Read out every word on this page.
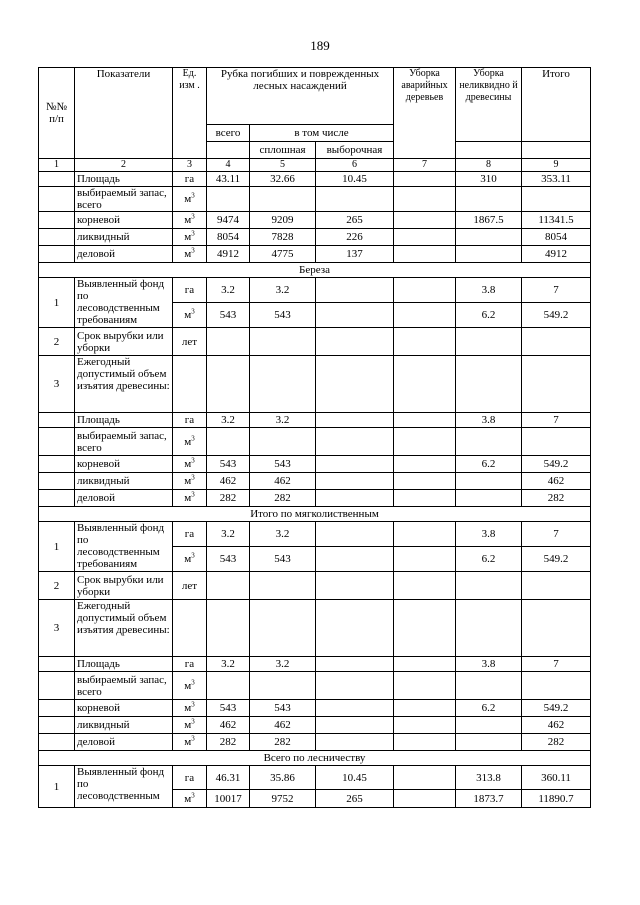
189
№№ п/п	Показатели	Ед. изм .	Рубка погибших и поврежденных лесных насаждений			Уборка аварийных деревьев	Уборка неликвидно й древесины	Итого
			всего	в том числе				
				сплошная	выборочная			
1	2	3	4	5	6	7	8	9
	Площадь	га	43.11	32.66	10.45		310	353.11
	выбираемый запас, всего	$м^3$						
	корневой	$м^3$	9474	9209	265		1867.5	11341.5
	ликвидный	$м^3$	8054	7828	226			8054
	деловой	$м^3$	4912	4775	137			4912
Береза								
1	Выявленный фонд по лесоводственным требованиям	га	3.2	3.2			3.8	7
		$м^3$	543	543			6.2	549.2
2	Срок вырубки или уборки	лет						
3	Ежегодный допустимый объем изъятия древесины:							
	Площадь	га	3.2	3.2			3.8	7
	выбираемый запас, всего	$м^3$						
	корневой	$м^3$	543	543			6.2	549.2
	ликвидный	$м^3$	462	462				462
	деловой	$м^3$	282	282				282
Итого по мягколиственным								
1	Выявленный фонд по лесоводственным требованиям	га	3.2	3.2			3.8	7
		$м^3$	543	543			6.2	549.2
2	Срок вырубки или уборки	лет						
3	Ежегодный допустимый объем изъятия древесины:							
	Площадь	га	3.2	3.2			3.8	7
	выбираемый запас, всего	$м^3$						
	корневой	$м^3$	543	543			6.2	549.2
	ликвидный	$м^3$	462	462				462
	деловой	$м^3$	282	282				282
Всего по лесничеству								
1	Выявленный фонд по лесоводственным	га	46.31	35.86	10.45		313.8	360.11
		$м^3$	10017	9752	265		1873.7	11890.7
